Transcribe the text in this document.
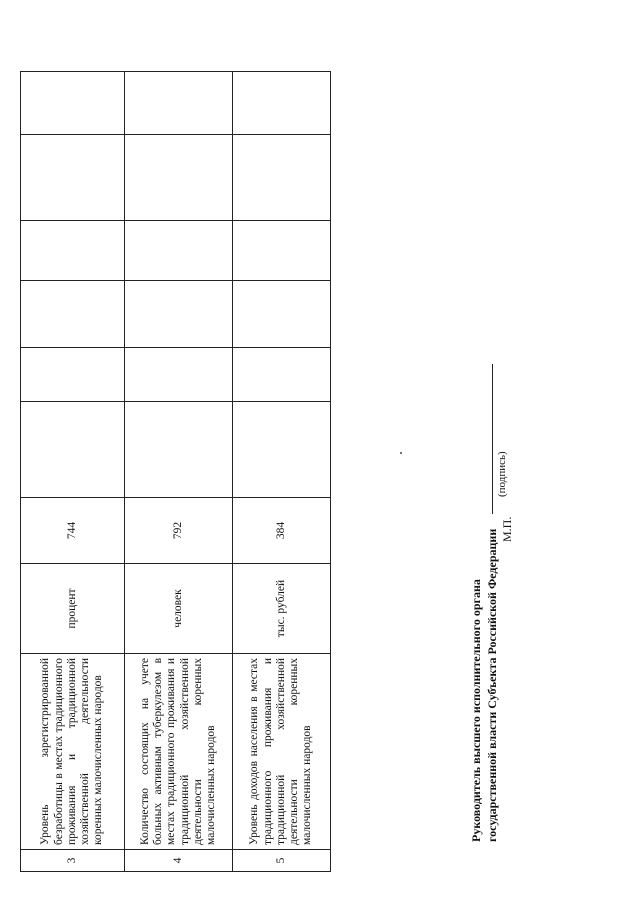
3	Уровень зарегистрированной безработицы в местах традиционного проживания и традиционной хозяйственной деятельности коренных малочисленных народов	процент	744						
4	Количество состоящих на учете больных активным туберкулезом в местах традиционного проживания и традиционной хозяйственной деятельности коренных малочисленных народов	человек	792						
5	Уровень доходов населения в местах традиционного проживания и традиционной хозяйственной деятельности коренных малочисленных народов	тыс. рублей	384						
Руководитель высшего исполнительного органа государственной власти Субъекта Российской Федерации М.П.
(подпись)
